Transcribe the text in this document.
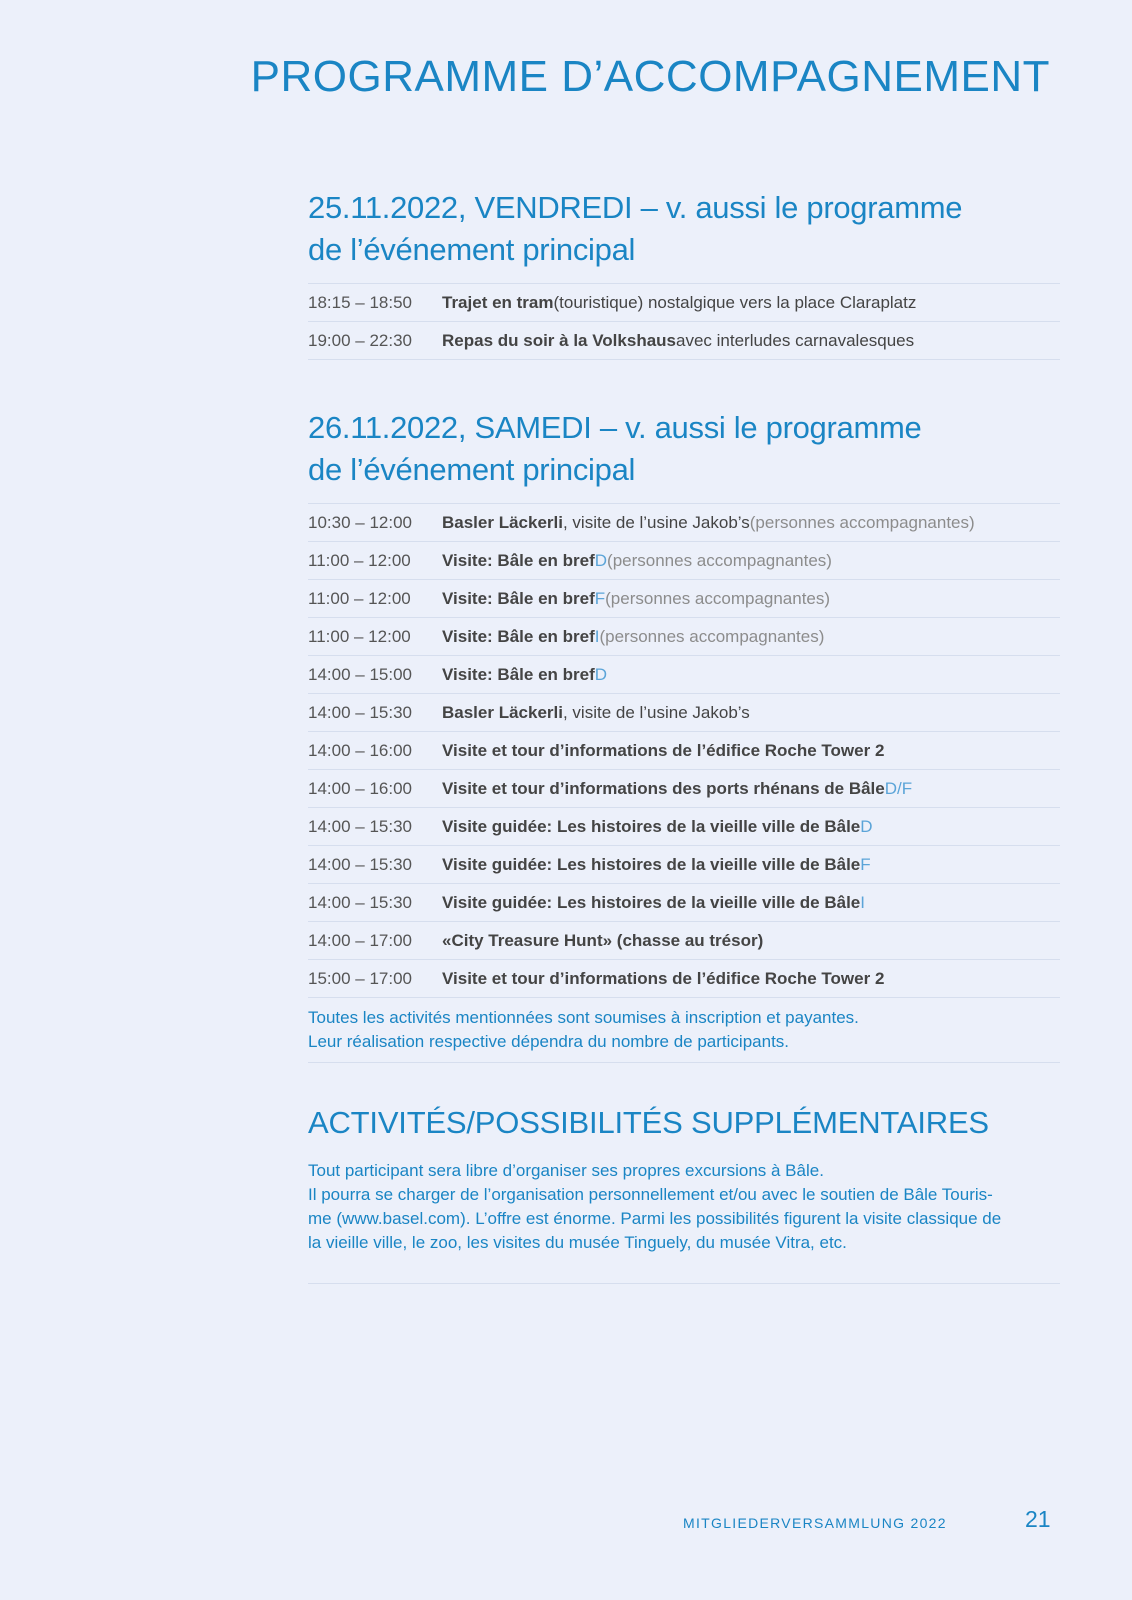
PROGRAMME D’ACCOMPAGNEMENT
25.11.2022, VENDREDI – v. aussi le programme
de l’événement principal
18:15 – 18:50	Trajet en tram (touristique) nostalgique vers la place Claraplatz
19:00 – 22:30	Repas du soir à la Volkshaus avec interludes carnavalesques
26.11.2022, SAMEDI – v. aussi le programme
de l’événement principal
10:30 – 12:00	Basler Läckerli , visite de l’usine Jakob’s (personnes accompagnantes)
11:00 – 12:00	Visite: Bâle en bref D (personnes accompagnantes)
11:00 – 12:00	Visite: Bâle en bref F (personnes accompagnantes)
11:00 – 12:00	Visite: Bâle en bref I (personnes accompagnantes)
14:00 – 15:00	Visite: Bâle en bref D
14:00 – 15:30	Basler Läckerli , visite de l’usine Jakob’s
14:00 – 16:00	Visite et tour d’informations de l’édifice Roche Tower 2
14:00 – 16:00	Visite et tour d’informations des ports rhénans de Bâle D/F
14:00 – 15:30	Visite guidée: Les histoires de la vieille ville de Bâle D
14:00 – 15:30	Visite guidée: Les histoires de la vieille ville de Bâle F
14:00 – 15:30	Visite guidée: Les histoires de la vieille ville de Bâle I
14:00 – 17:00	«City Treasure Hunt» (chasse au trésor)
15:00 – 17:00	Visite et tour d’informations de l’édifice Roche Tower 2
Toutes les activités mentionnées sont soumises à inscription et payantes.
Leur réalisation respective dépendra du nombre de participants.
ACTIVITÉS/POSSIBILITÉS SUPPLÉMENTAIRES
Tout participant sera libre d’organiser ses propres excursions à Bâle.
Il pourra se charger de l’organisation personnellement et/ou avec le soutien de Bâle Touris-
me (www.basel.com). L’offre est énorme. Parmi les possibilités figurent la visite classique de
la vieille ville, le zoo, les visites du musée Tinguely, du musée Vitra, etc.
MITGLIEDERVERSAMMLUNG 2022	21
